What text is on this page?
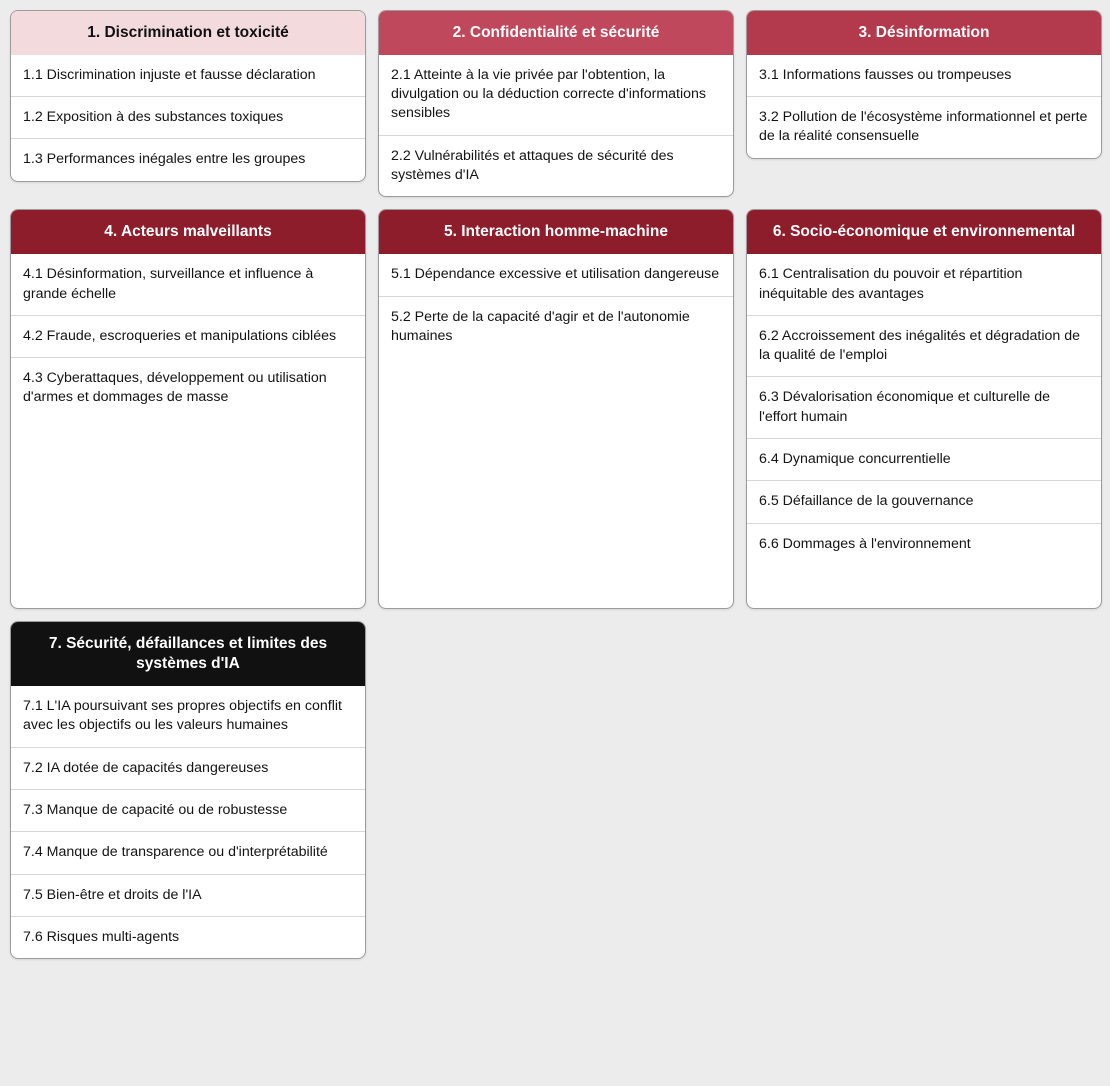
1. Discrimination et toxicité
1.1 Discrimination injuste et fausse déclaration
1.2 Exposition à des substances toxiques
1.3 Performances inégales entre les groupes
2. Confidentialité et sécurité
2.1 Atteinte à la vie privée par l'obtention, la divulgation ou la déduction correcte d'informations sensibles
2.2 Vulnérabilités et attaques de sécurité des systèmes d'IA
3. Désinformation
3.1 Informations fausses ou trompeuses
3.2 Pollution de l'écosystème informationnel et perte de la réalité consensuelle
4. Acteurs malveillants
4.1 Désinformation, surveillance et influence à grande échelle
4.2 Fraude, escroqueries et manipulations ciblées
4.3 Cyberattaques, développement ou utilisation d'armes et dommages de masse
5. Interaction homme-machine
5.1 Dépendance excessive et utilisation dangereuse
5.2 Perte de la capacité d'agir et de l'autonomie humaines
6. Socio-économique et environnemental
6.1 Centralisation du pouvoir et répartition inéquitable des avantages
6.2 Accroissement des inégalités et dégradation de la qualité de l'emploi
6.3 Dévalorisation économique et culturelle de l'effort humain
6.4 Dynamique concurrentielle
6.5 Défaillance de la gouvernance
6.6 Dommages à l'environnement
7. Sécurité, défaillances et limites des systèmes d'IA
7.1 L'IA poursuivant ses propres objectifs en conflit avec les objectifs ou les valeurs humaines
7.2 IA dotée de capacités dangereuses
7.3 Manque de capacité ou de robustesse
7.4 Manque de transparence ou d'interprétabilité
7.5 Bien-être et droits de l'IA
7.6 Risques multi-agents
